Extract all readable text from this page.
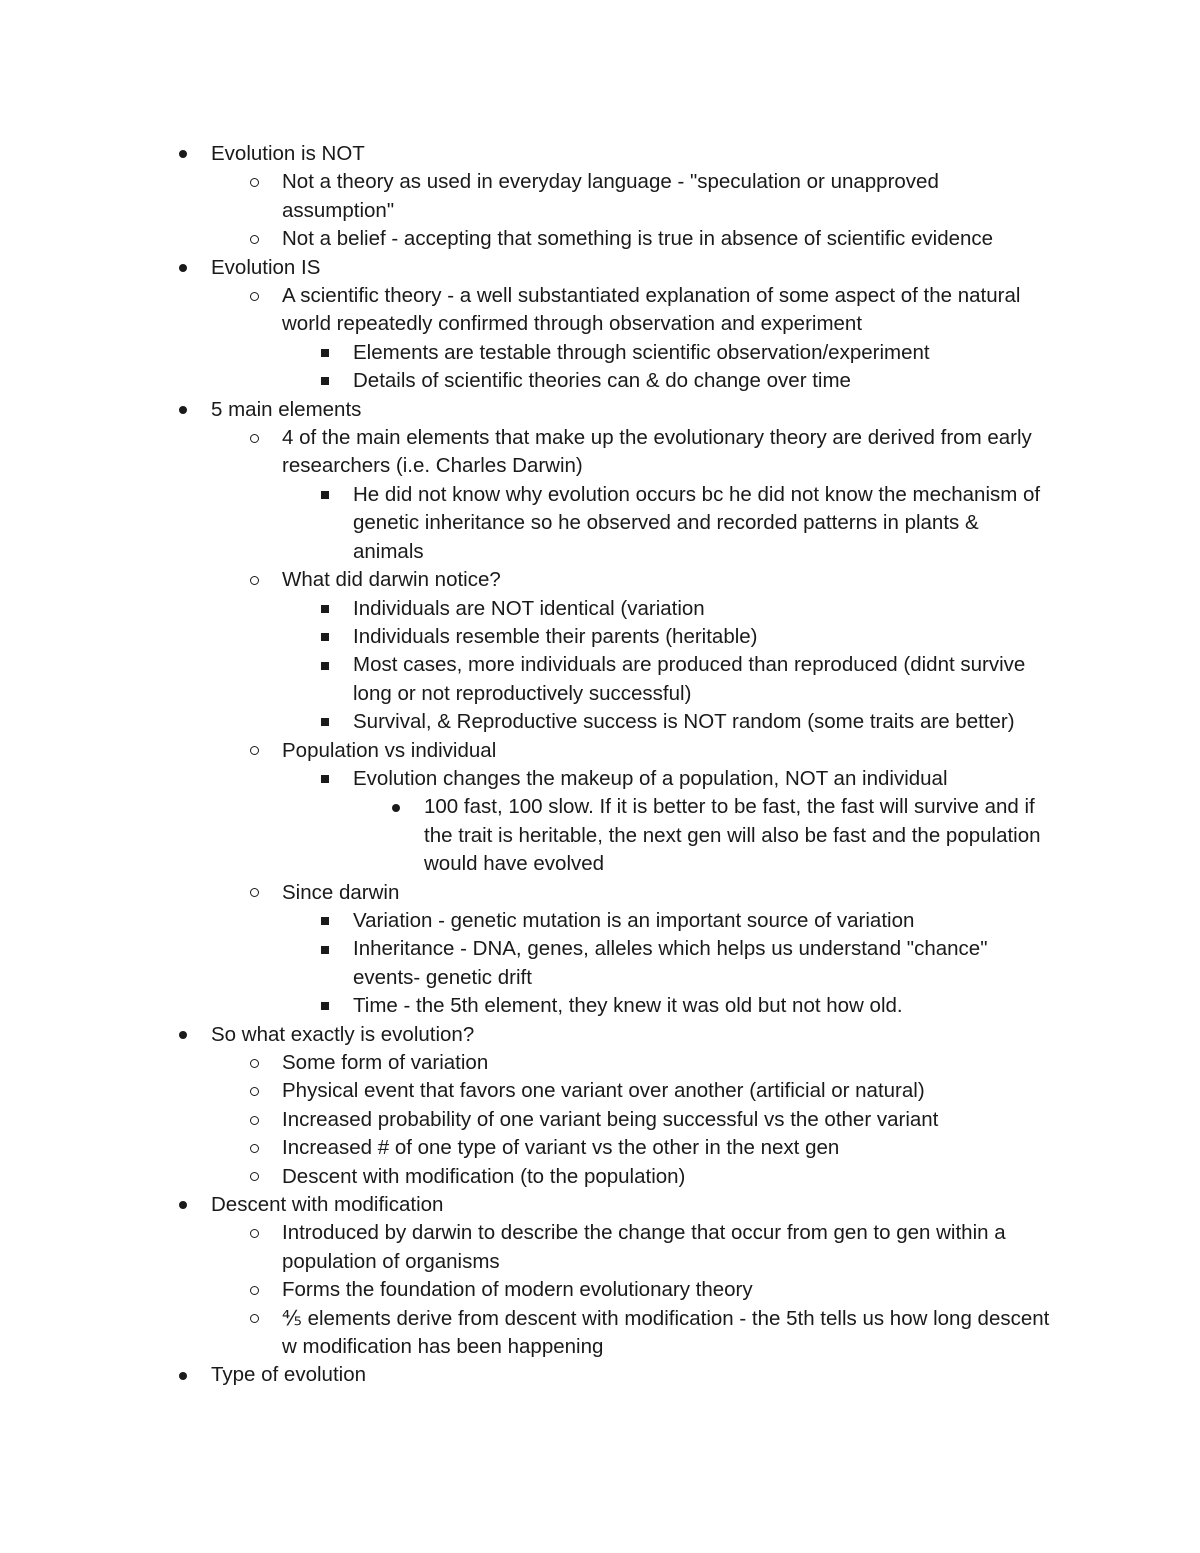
Evolution is NOT
Not a theory as used in everyday language - "speculation or unapproved assumption"
Not a belief - accepting that something is true in absence of scientific evidence
Evolution IS
A scientific theory - a well substantiated explanation of some aspect of the natural world repeatedly confirmed through observation and experiment
Elements are testable through scientific observation/experiment
Details of scientific theories can & do change over time
5 main elements
4 of the main elements that make up the evolutionary theory are derived from early researchers (i.e. Charles Darwin)
He did not know why evolution occurs bc he did not know the mechanism of genetic inheritance so he observed and recorded patterns in plants & animals
What did darwin notice?
Individuals are NOT identical (variation
Individuals resemble their parents (heritable)
Most cases, more individuals are produced than reproduced (didnt survive long or not reproductively successful)
Survival, & Reproductive success is NOT random (some traits are better)
Population vs individual
Evolution changes the makeup of a population, NOT an individual
100 fast, 100 slow. If it is better to be fast, the fast will survive and if the trait is heritable, the next gen will also be fast and the population would have evolved
Since darwin
Variation - genetic mutation is an important source of variation
Inheritance - DNA, genes, alleles which helps us understand "chance" events- genetic drift
Time - the 5th element, they knew it was old but not how old.
So what exactly is evolution?
Some form of variation
Physical event that favors one variant over another (artificial or natural)
Increased probability of one variant being successful vs the other variant
Increased # of one type of variant vs the other in the next gen
Descent with modification (to the population)
Descent with modification
Introduced by darwin to describe the change that occur from gen to gen within a population of organisms
Forms the foundation of modern evolutionary theory
⅘ elements derive from descent with modification - the 5th tells us how long descent w modification has been happening
Type of evolution
